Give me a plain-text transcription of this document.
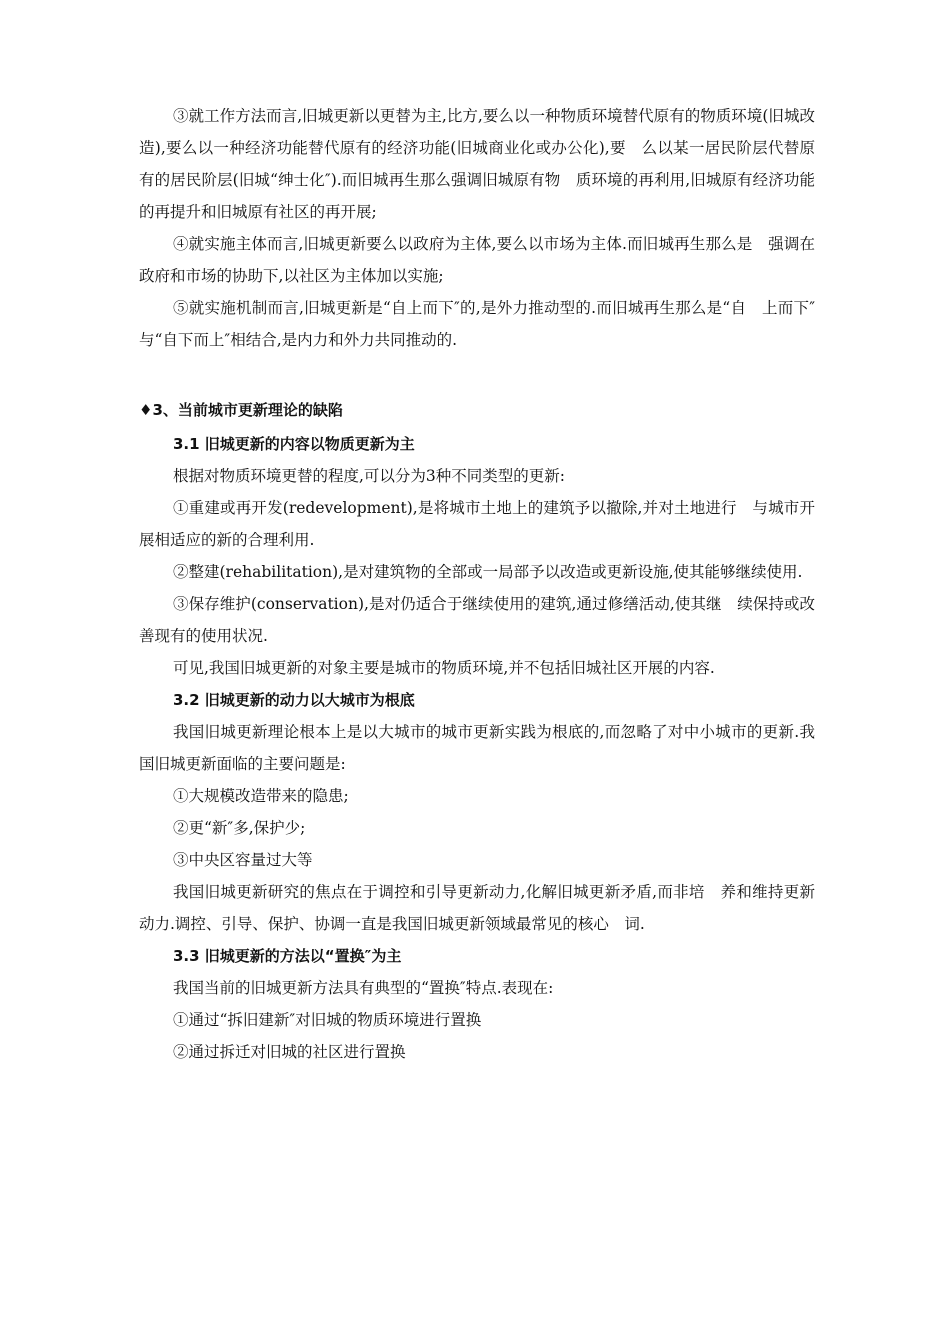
③就工作方法而言,旧城更新以更替为主,比方,要么以一种物质环境替代原有的物质环境(旧城改造),要么以一种经济功能替代原有的经济功能(旧城商业化或办公化),要　么以某一居民阶层代替原有的居民阶层(旧城“绅士化″).而旧城再生那么强调旧城原有物　质环境的再利用,旧城原有经济功能的再提升和旧城原有社区的再开展;

④就实施主体而言,旧城更新要么以政府为主体,要么以市场为主体.而旧城再生那么是　强调在政府和市场的协助下,以社区为主体加以实施;

⑤就实施机制而言,旧城更新是“自上而下″的,是外力推动型的.而旧城再生那么是“自　上而下″与“自下而上″相结合,是内力和外力共同推动的.

♦3、当前城市更新理论的缺陷

3.1 旧城更新的内容以物质更新为主

根据对物质环境更替的程度,可以分为3种不同类型的更新:

①重建或再开发(redevelopment),是将城市土地上的建筑予以撤除,并对土地进行　与城市开展相适应的新的合理利用.

②整建(rehabilitation),是对建筑物的全部或一局部予以改造或更新设施,使其能够继续使用.

③保存维护(conservation),是对仍适合于继续使用的建筑,通过修缮活动,使其继　续保持或改善现有的使用状况.

可见,我国旧城更新的对象主要是城市的物质环境,并不包括旧城社区开展的内容.

3.2 旧城更新的动力以大城市为根底

我国旧城更新理论根本上是以大城市的城市更新实践为根底的,而忽略了对中小城市的更新.我国旧城更新面临的主要问题是:

①大规模改造带来的隐患;

②更“新″多,保护少;

③中央区容量过大等

我国旧城更新研究的焦点在于调控和引导更新动力,化解旧城更新矛盾,而非培　养和维持更新动力.调控、引导、保护、协调一直是我国旧城更新领域最常见的核心　词.

3.3 旧城更新的方法以“置换″为主

我国当前的旧城更新方法具有典型的“置换″特点.表现在:

①通过“拆旧建新″对旧城的物质环境进行置换

②通过拆迁对旧城的社区进行置换
